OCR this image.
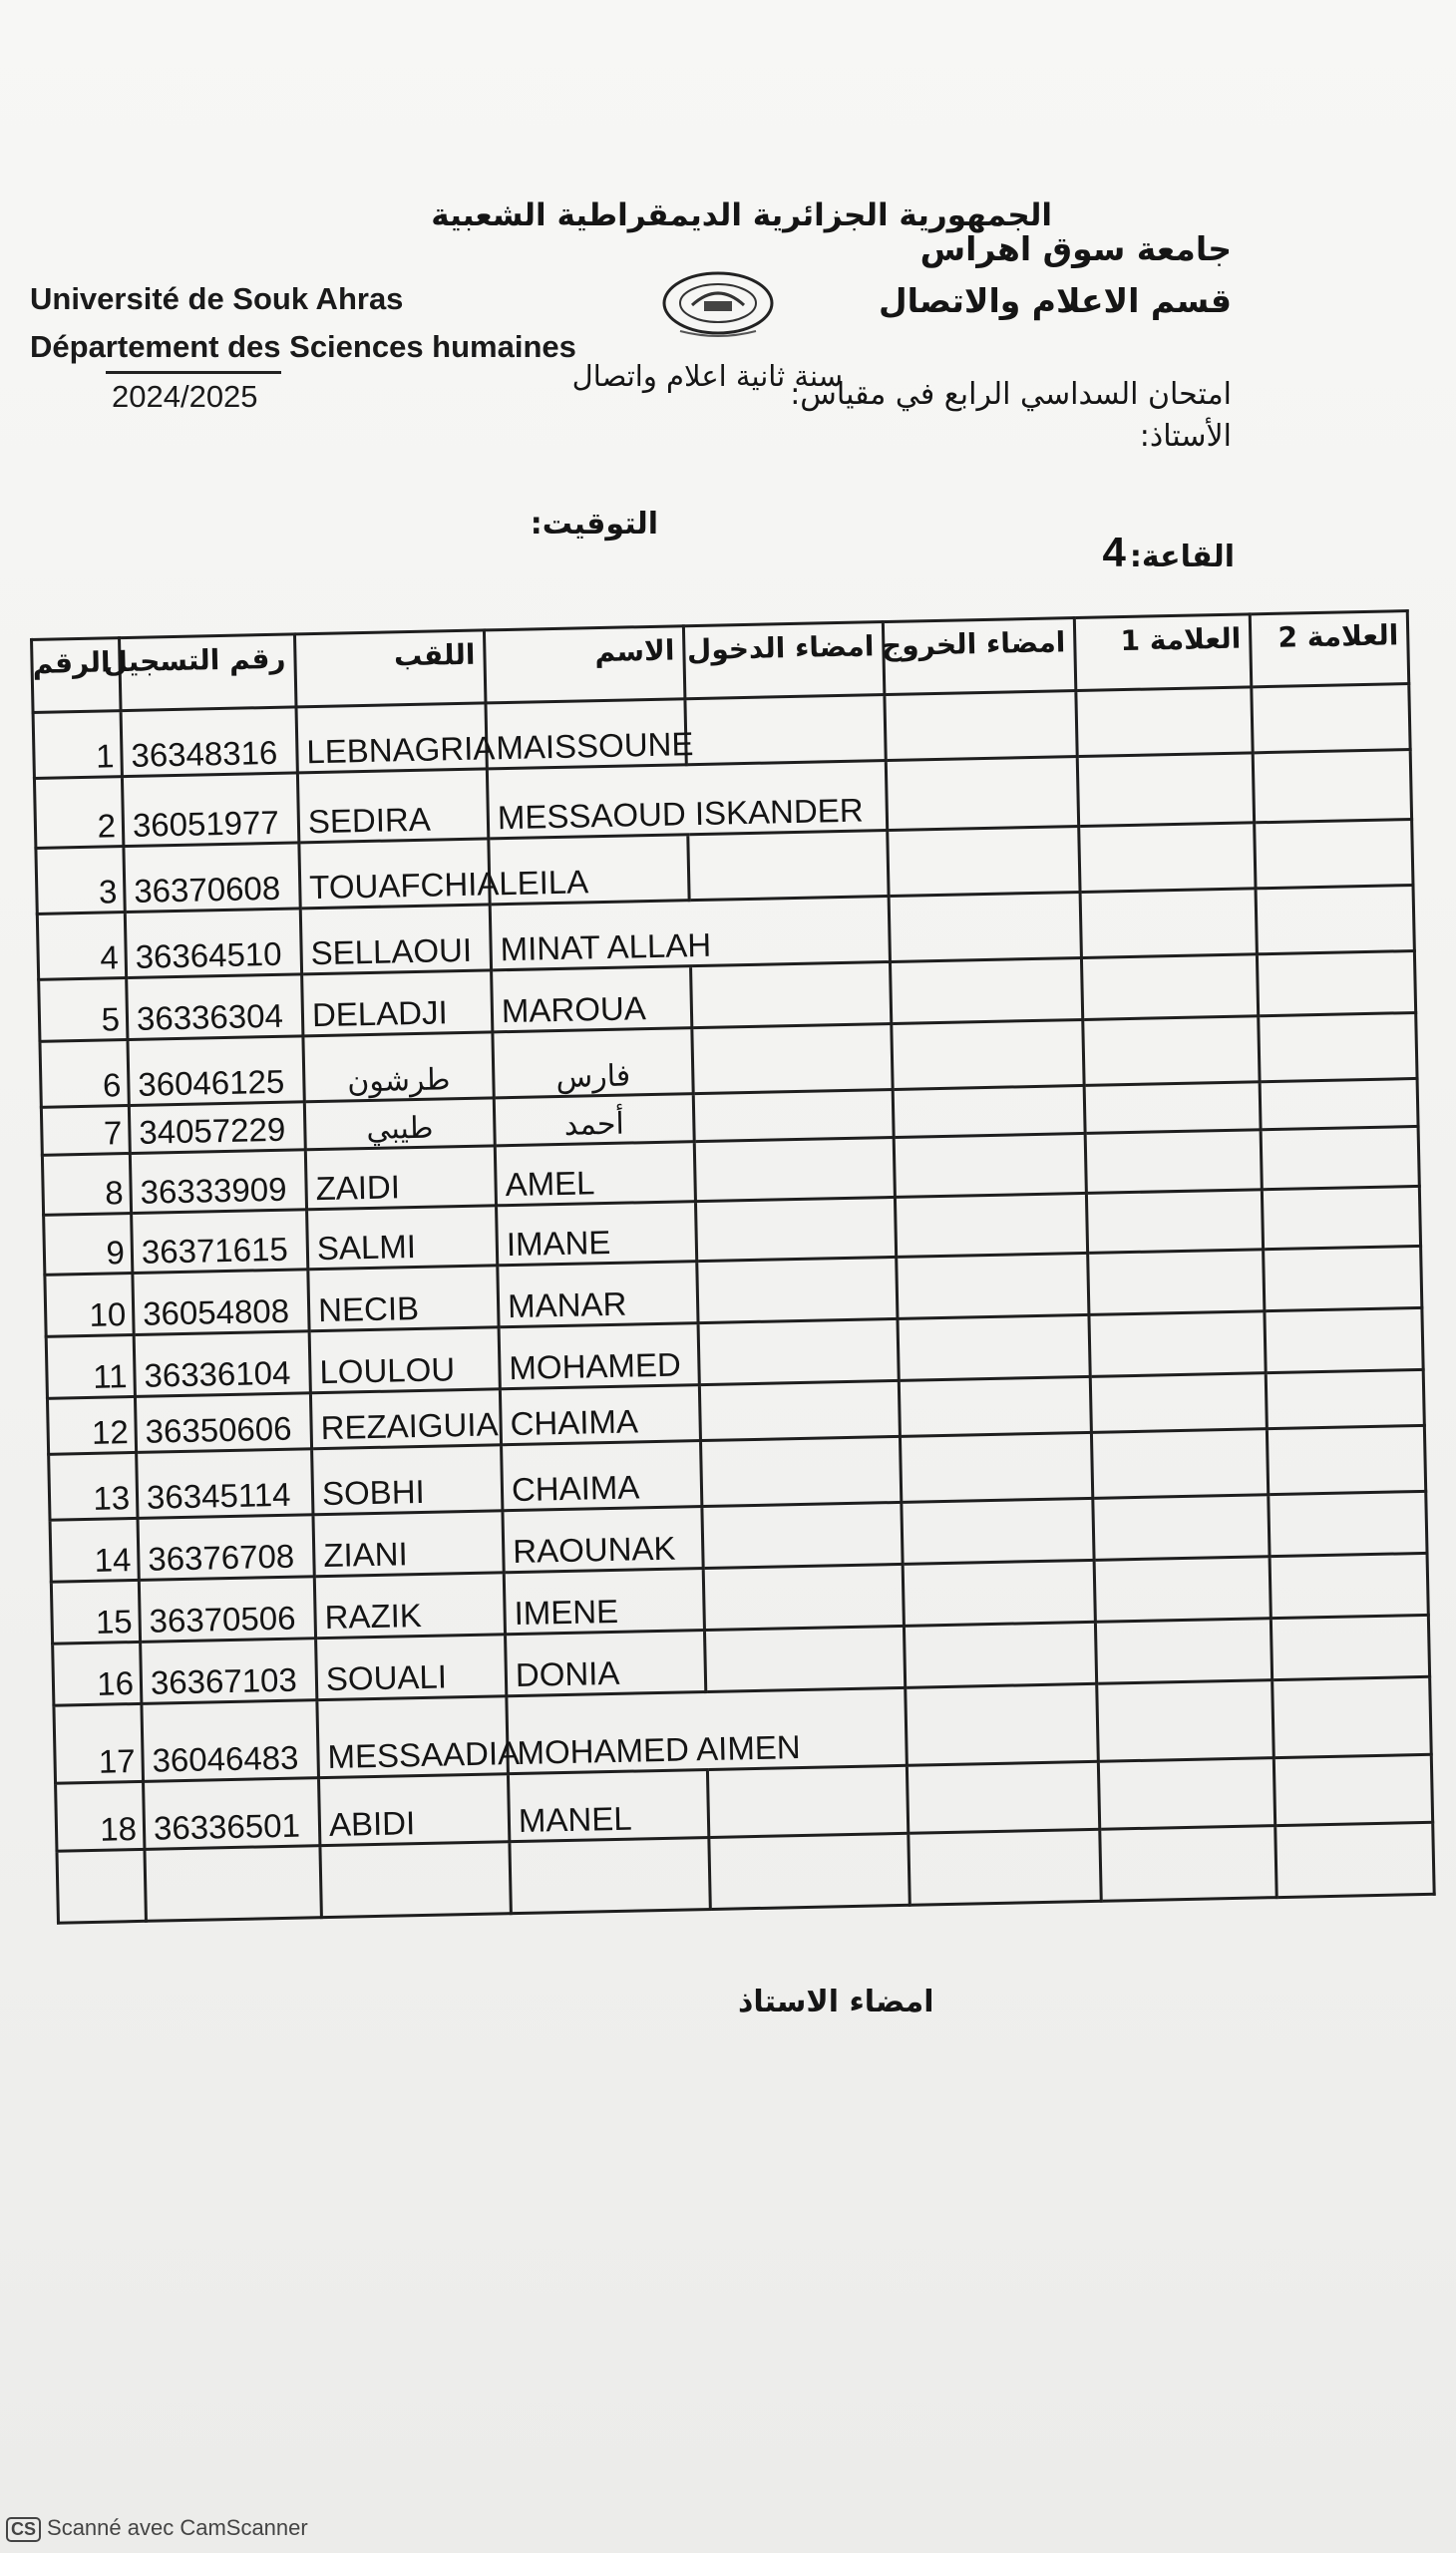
Université de Souk Ahras
Département des Sciences humaines
2024/2025
الجمهورية الجزائرية الديمقراطية الشعبية
جامعة سوق اهراس
قسم الاعلام والاتصال
سنة ثانية اعلام واتصال
امتحان السداسي الرابع في مقياس:
الأستاذ:
التوقيت:
القاعة:
4
الرقم	رقم التسجيل	اللقب	الاسم	امضاء الدخول	امضاء الخروج	العلامة 1	العلامة 2
1	36348316	LEBNAGRIA	MAISSOUNE				
2	36051977	SEDIRA	MESSAOUD ISKANDER				
3	36370608	TOUAFCHIA	LEILA				
4	36364510	SELLAOUI	MINAT ALLAH				
5	36336304	DELADJI	MAROUA				
6	36046125	طرشون	فارس				
7	34057229	طيبي	أحمد				
8	36333909	ZAIDI	AMEL				
9	36371615	SALMI	IMANE				
10	36054808	NECIB	MANAR				
11	36336104	LOULOU	MOHAMED				
12	36350606	REZAIGUIA	CHAIMA				
13	36345114	SOBHI	CHAIMA				
14	36376708	ZIANI	RAOUNAK				
15	36370506	RAZIK	IMENE				
16	36367103	SOUALI	DONIA				
17	36046483	MESSAADIA	MOHAMED AIMEN				
18	36336501	ABIDI	MANEL				

امضاء الاستاذ
CS Scanné avec CamScanner
